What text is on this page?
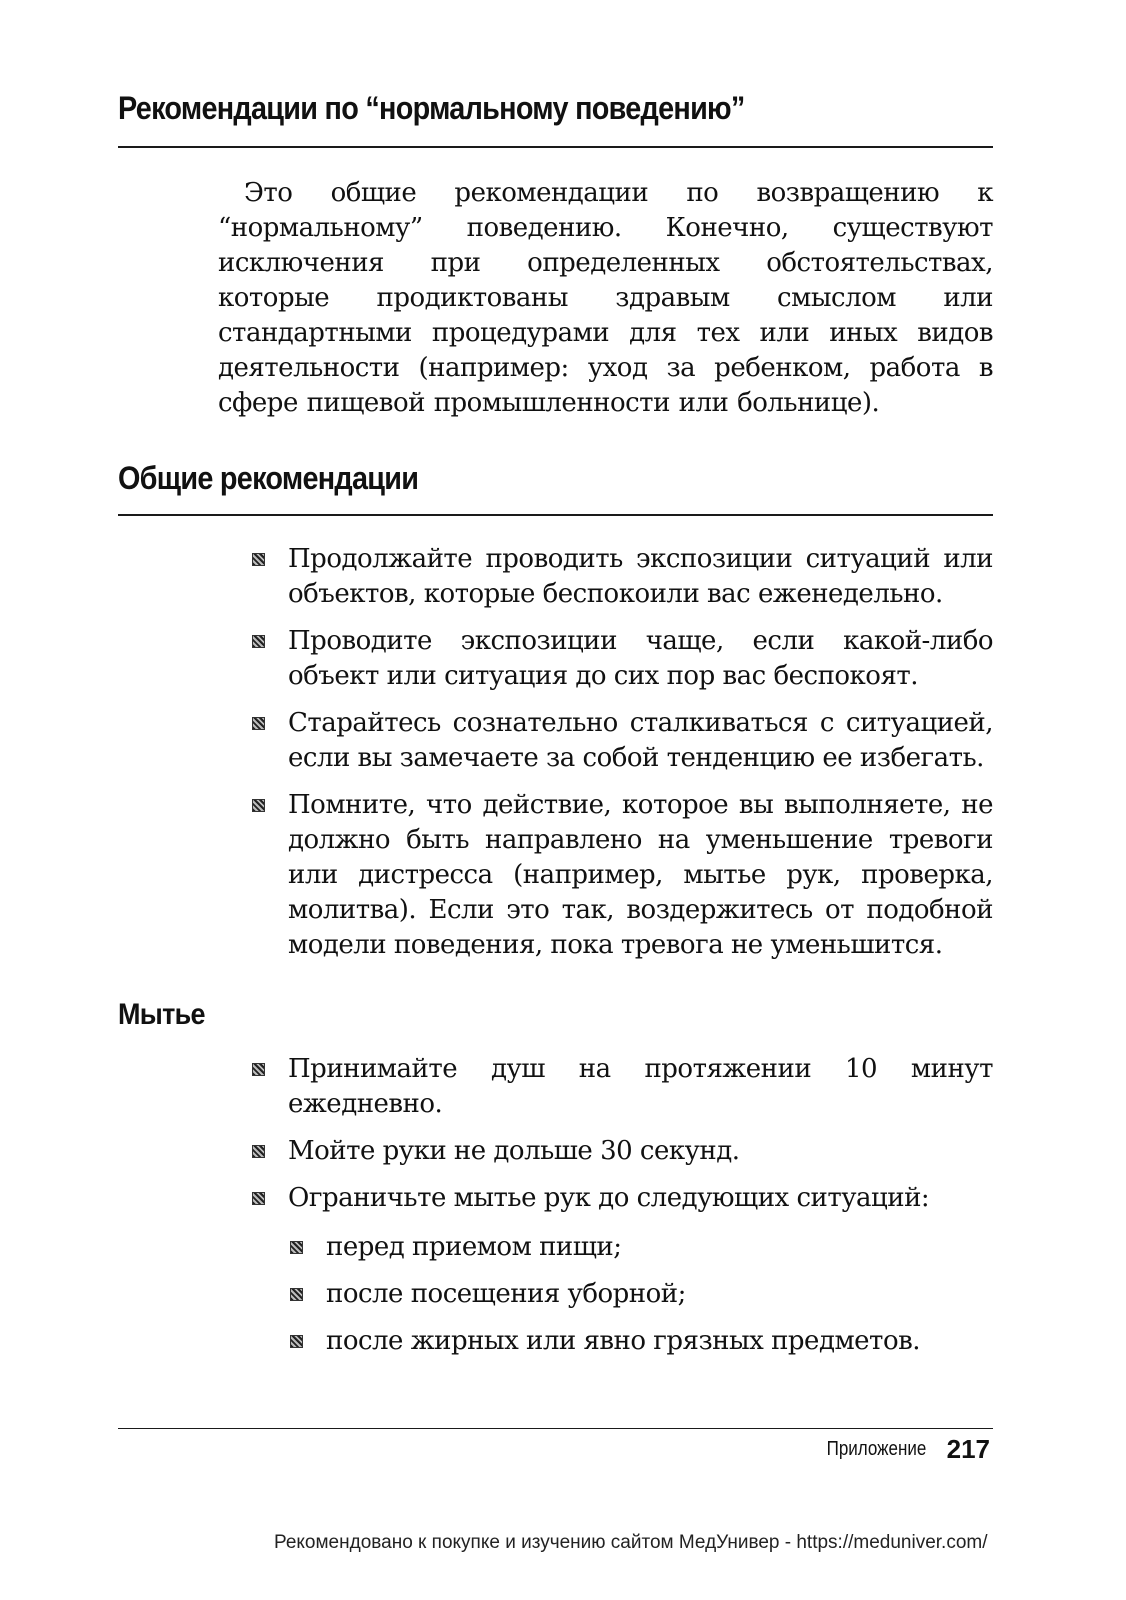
Рекомендации по “нормальному поведению”

Это общие рекомендации по возвращению к “нормальному” поведению. Конечно, существуют исключения при определенных обстоятельствах, которые продиктованы здравым смыслом или стандартными процедурами для тех или иных видов деятельности (например: уход за ребенком, работа в сфере пищевой промышленности или больнице).

Общие рекомендации
Продолжайте проводить экспозиции ситуаций или объектов, которые беспокоили вас еженедельно.
Проводите экспозиции чаще, если какой-либо объект или ситуация до сих пор вас беспокоят.
Старайтесь сознательно сталкиваться с ситуацией, если вы замечаете за собой тенденцию ее избегать.
Помните, что действие, которое вы выполняете, не должно быть направлено на уменьшение тревоги или дистресса (например, мытье рук, проверка, молитва). Если это так, воздержитесь от подобной модели поведения, пока тревога не уменьшится.
Мытье
Принимайте душ на протяжении 10 минут ежедневно.
Мойте руки не дольше 30 секунд.
Ограничьте мытье рук до следующих ситуаций:
перед приемом пищи;
после посещения уборной;
после жирных или явно грязных предметов.
Приложение 217
Рекомендовано к покупке и изучению сайтом МедУнивер - https://meduniver.com/
